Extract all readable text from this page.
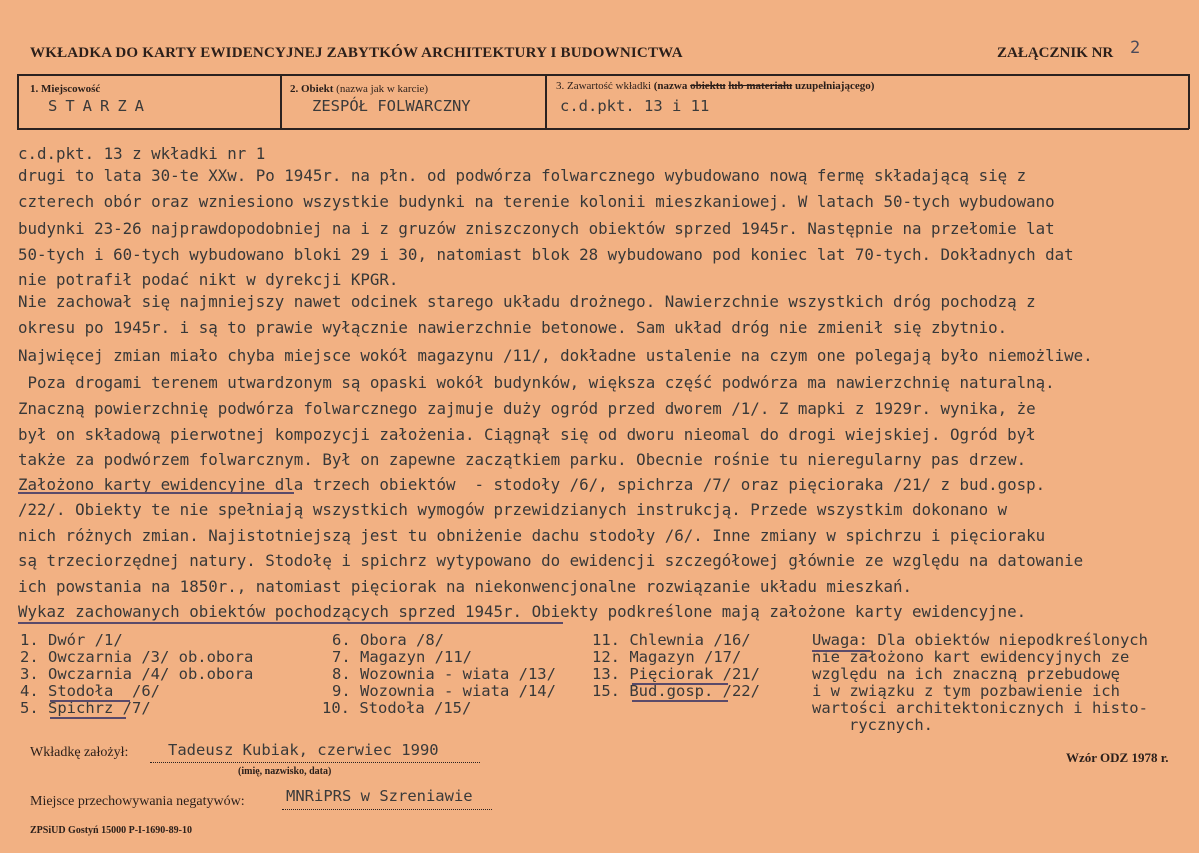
WKŁADKA DO KARTY EWIDENCYJNEJ ZABYTKÓW ARCHITEKTURY I BUDOWNICTWA	ZAŁĄCZNIK NR 2
1. Miejscowość
STARZA
2. Obiekt (nazwa jak w karcie)
ZESPÓŁ FOLWARCZNY
3. Zawartość wkładki (nazwa obiektu lub materiału uzupełniającego)
c.d.pkt. 13 i 11
c.d.pkt. 13 z wkładki nr 1
drugi to lata 30-te XXw. Po 1945r. na płn. od podwórza folwarcznego wybudowano nową fermę składającą się z
czterech obór oraz wzniesiono wszystkie budynki na terenie kolonii mieszkaniowej. W latach 50-tych wybudowano
budynki 23-26 najprawdopodobniej na i z gruzów zniszczonych obiektów sprzed 1945r. Następnie na przełomie lat
50-tych i 60-tych wybudowano bloki 29 i 30, natomiast blok 28 wybudowano pod koniec lat 70-tych. Dokładnych dat
nie potrafił podać nikt w dyrekcji KPGR.
Nie zachował się najmniejszy nawet odcinek starego układu drożnego. Nawierzchnie wszystkich dróg pochodzą z
okresu po 1945r. i są to prawie wyłącznie nawierzchnie betonowe. Sam układ dróg nie zmienił się zbytnio.
Najwięcej zmian miało chyba miejsce wokół magazynu /11/, dokładne ustalenie na czym one polegają było niemożliwe.
Poza drogami terenem utwardzonym są opaski wokół budynków, większa część podwórza ma nawierzchnię naturalną.
Znaczną powierzchnię podwórza folwarcznego zajmuje duży ogród przed dworem /1/. Z mapki z 1929r. wynika, że
był on składową pierwotnej kompozycji założenia. Ciągnął się od dworu nieomal do drogi wiejskiej. Ogród był
także za podwórzem folwarcznym. Był on zapewne zaczątkiem parku. Obecnie rośnie tu nieregularny pas drzew.
Założono karty ewidencyjne dla trzech obiektów  - stodoły /6/, spichrza /7/ oraz pięcioraka /21/ z bud.gosp.
/22/. Obiekty te nie spełniają wszystkich wymogów przewidzianych instrukcją. Przede wszystkim dokonano w
nich różnych zmian. Najistotniejszą jest tu obniżenie dachu stodoły /6/. Inne zmiany w spichrzu i pięcioraku
są trzeciorzędnej natury. Stodołę i spichrz wytypowano do ewidencji szczegółowej głównie ze względu na datowanie
ich powstania na 1850r., natomiast pięciorak na niekonwencjonalne rozwiązanie układu mieszkań.
Wykaz zachowanych obiektów pochodzących sprzed 1945r. Obiekty podkreślone mają założone karty ewidencyjne.
1. Dwór /1/
2. Owczarnia /3/ ob.obora
3. Owczarnia /4/ ob.obora
4. Stodoła  /6/
5. Spichrz /7/
6. Obora /8/
7. Magazyn /11/
8. Wozownia - wiata /13/
9. Wozownia - wiata /14/
10. Stodoła /15/
11. Chlewnia /16/
12. Magazyn /17/
13. Pięciorak /21/
15. Bud.gosp. /22/
Uwaga: Dla obiektów niepodkreślonych
nie założono kart ewidencyjnych ze
względu na ich znaczną przebudowę
i w związku z tym pozbawienie ich
wartości architektonicznych i histo-
rycznych.
Wkładkę założył:	Tadeusz Kubiak, czerwiec 1990
(imię, nazwisko, data)
Wzór ODZ 1978 r.
Miejsce przechowywania negatywów:	MNRiPRS w Szreniawie
ZPSiUD Gostyń 15000 P-I-1690-89-10
